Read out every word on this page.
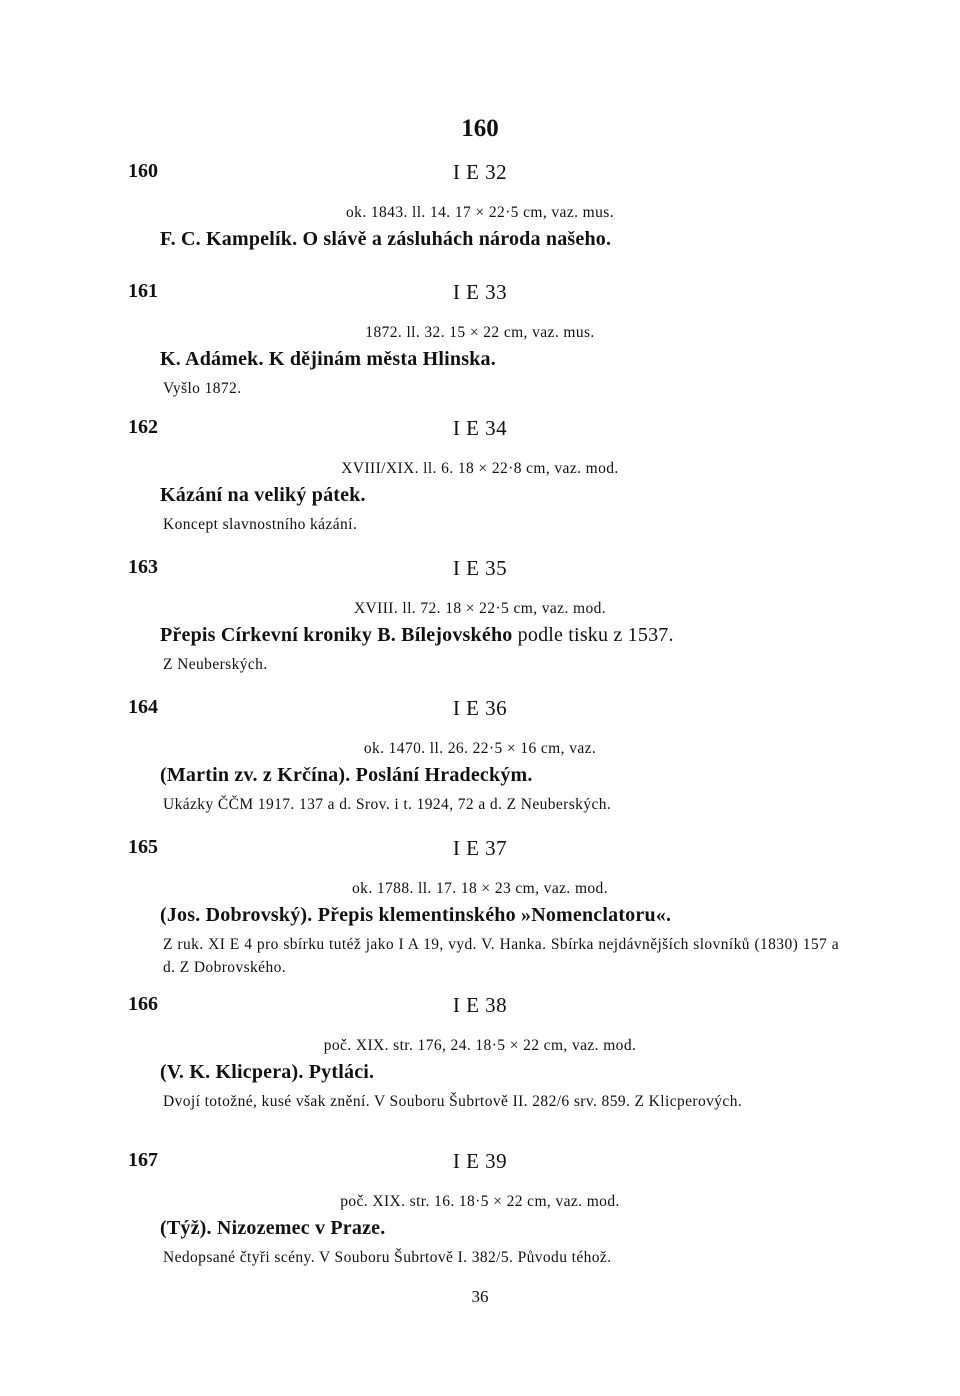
160
160	I E 32
ok. 1843. ll. 14. 17 × 22·5 cm, vaz. mus.
F. C. Kampelík. O slávě a zásluhách národa našeho.
161	I E 33
1872. ll. 32. 15 × 22 cm, vaz. mus.
K. Adámek. K dějinám města Hlinska.
Vyšlo 1872.
162	I E 34
XVIII/XIX. ll. 6. 18 × 22·8 cm, vaz. mod.
Kázání na veliký pátek.
Koncept slavnostního kázání.
163	I E 35
XVIII. ll. 72. 18 × 22·5 cm, vaz. mod.
Přepis Církevní kroniky B. Bílejovského podle tisku z 1537.
Z Neuberských.
164	I E 36
ok. 1470. ll. 26. 22·5 × 16 cm, vaz.
(Martin zv. z Krčína). Poslání Hradeckým.
Ukázky ČČM 1917. 137 a d. Srov. i t. 1924, 72 a d. Z Neuberských.
165	I E 37
ok. 1788. ll. 17. 18 × 23 cm, vaz. mod.
(Jos. Dobrovský). Přepis klementinského »Nomenclatoru«.
Z ruk. XI E 4 pro sbírku tutéž jako I A 19, vyd. V. Hanka. Sbírka nejdávnějších slovníků (1830) 157 a d. Z Dobrovského.
166	I E 38
poč. XIX. str. 176, 24. 18·5 × 22 cm, vaz. mod.
(V. K. Klicpera). Pytláci.
Dvojí totožné, kusé však znění. V Souboru Šubrtově II. 282/6 srv. 859. Z Klicperových.
167	I E 39
poč. XIX. str. 16. 18·5 × 22 cm, vaz. mod.
(Týž). Nizozemec v Praze.
Nedopsané čtyři scény. V Souboru Šubrtově I. 382/5. Původu téhož.
36
